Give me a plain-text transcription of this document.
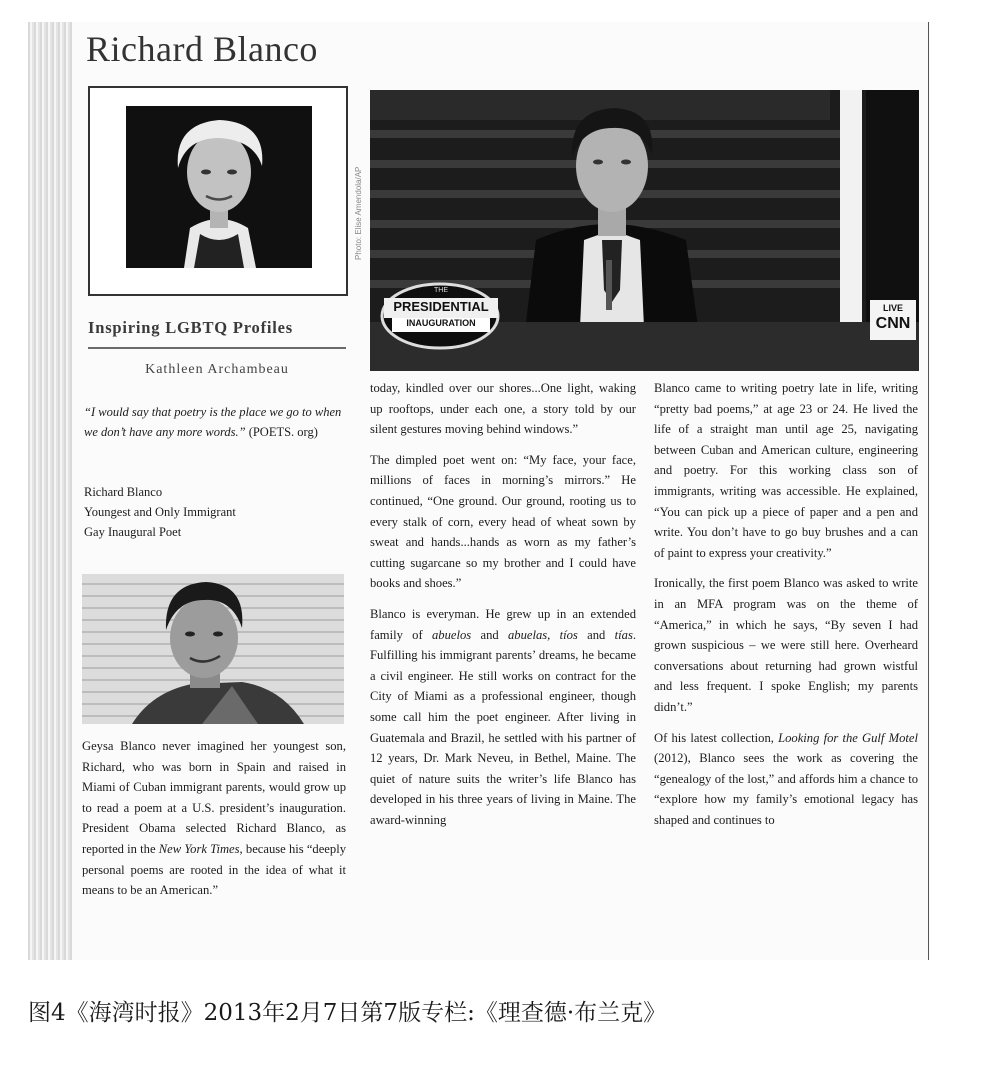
Richard Blanco
Photo: Elise Amendola/AP
Inspiring LGBTQ Profiles
Kathleen Archambeau
“I would say that poetry is the place we go to when we don’t have any more words.” (POETS. org)
Richard Blanco
Youngest and Only Immigrant
Gay Inaugural Poet
THE
PRESIDENTIAL
INAUGURATION
LIVE
CNN

Geysa Blanco never imagined her youngest son, Richard, who was born in Spain and raised in Miami of Cuban immigrant parents, would grow up to read a poem at a U.S. president’s inauguration. President Obama selected Richard Blanco, as reported in the New York Times, because his “deeply personal poems are rooted in the idea of what it means to be an American.”

today, kindled over our shores...One light, waking up rooftops, under each one, a story told by our silent gestures moving behind windows.”

The dimpled poet went on: “My face, your face, millions of faces in morning’s mirrors.” He continued, “One ground. Our ground, rooting us to every stalk of corn, every head of wheat sown by sweat and hands...hands as worn as my father’s cutting sugarcane so my brother and I could have books and shoes.”

Blanco is everyman. He grew up in an extended family of abuelos and abuelas, tíos and tías. Fulfilling his immigrant parents’ dreams, he became a civil engineer. He still works on contract for the City of Miami as a professional engineer, though some call him the poet engineer. After living in Guatemala and Brazil, he settled with his partner of 12 years, Dr. Mark Neveu, in Bethel, Maine. The quiet of nature suits the writer’s life Blanco has developed in his three years of living in Maine. The award-winning

Blanco came to writing poetry late in life, writing “pretty bad poems,” at age 23 or 24. He lived the life of a straight man until age 25, navigating between Cuban and American culture, engineering and poetry. For this working class son of immigrants, writing was accessible. He explained, “You can pick up a piece of paper and a pen and write. You don’t have to go buy brushes and a can of paint to express your creativity.”

Ironically, the first poem Blanco was asked to write in an MFA program was on the theme of “America,” in which he says, “By seven I had grown suspicious – we were still here. Overheard conversations about returning had grown wistful and less frequent. I spoke English; my parents didn’t.”

Of his latest collection, Looking for the Gulf Motel (2012), Blanco sees the work as covering the “genealogy of the lost,” and affords him a chance to “explore how my family’s emotional legacy has shaped and continues to

图4《海湾时报》2013年2月7日第7版专栏:《理查德·布兰克》
